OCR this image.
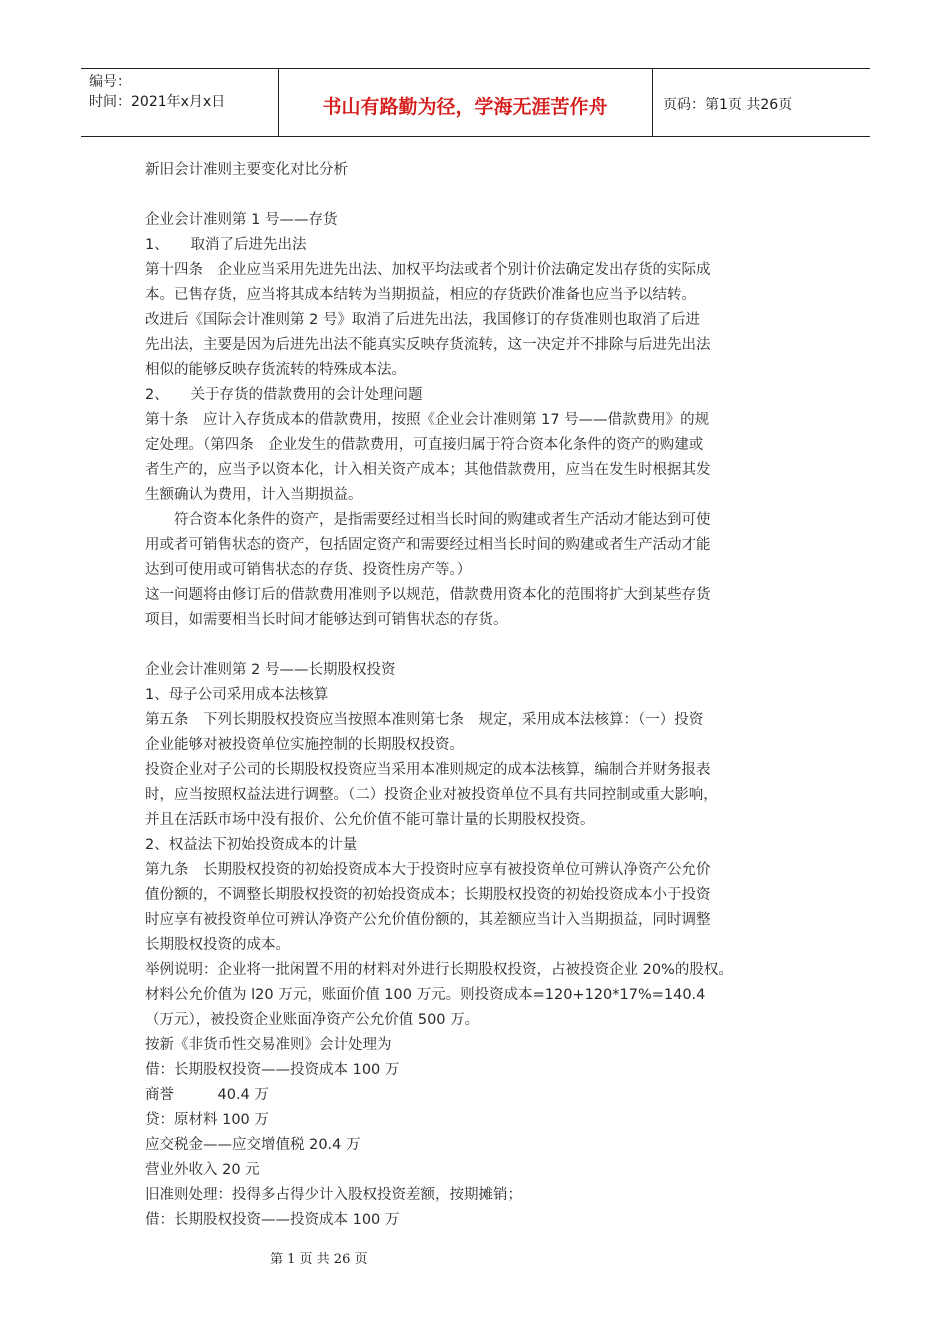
编号：
时间：2021年x月x日	书山有路勤为径，学海无涯苦作舟	页码：第1页 共26页

新旧会计准则主要变化对比分析

企业会计准则第 1 号——存货

1、　　取消了后进先出法

第十四条　企业应当采用先进先出法、加权平均法或者个别计价法确定发出存货的实际成

本。已售存货，应当将其成本结转为当期损益，相应的存货跌价准备也应当予以结转。

改进后《国际会计准则第 2 号》取消了后进先出法，我国修订的存货准则也取消了后进

先出法，主要是因为后进先出法不能真实反映存货流转，这一决定并不排除与后进先出法

相似的能够反映存货流转的特殊成本法。

2、　　关于存货的借款费用的会计处理问题

第十条　应计入存货成本的借款费用，按照《企业会计准则第 17 号——借款费用》的规

定处理。（第四条　企业发生的借款费用，可直接归属于符合资本化条件的资产的购建或

者生产的，应当予以资本化，计入相关资产成本；其他借款费用，应当在发生时根据其发

生额确认为费用，计入当期损益。

　　符合资本化条件的资产，是指需要经过相当长时间的购建或者生产活动才能达到可使

用或者可销售状态的资产，包括固定资产和需要经过相当长时间的购建或者生产活动才能

达到可使用或可销售状态的存货、投资性房产等。）

这一问题将由修订后的借款费用准则予以规范，借款费用资本化的范围将扩大到某些存货

项目，如需要相当长时间才能够达到可销售状态的存货。

企业会计准则第 2 号——长期股权投资

1、母子公司采用成本法核算

第五条　下列长期股权投资应当按照本准则第七条　规定，采用成本法核算：（一）投资

企业能够对被投资单位实施控制的长期股权投资。

投资企业对子公司的长期股权投资应当采用本准则规定的成本法核算，编制合并财务报表

时，应当按照权益法进行调整。（二）投资企业对被投资单位不具有共同控制或重大影响，

并且在活跃市场中没有报价、公允价值不能可靠计量的长期股权投资。

2、权益法下初始投资成本的计量

第九条　长期股权投资的初始投资成本大于投资时应享有被投资单位可辨认净资产公允价

值份额的，不调整长期股权投资的初始投资成本；长期股权投资的初始投资成本小于投资

时应享有被投资单位可辨认净资产公允价值份额的，其差额应当计入当期损益，同时调整

长期股权投资的成本。

举例说明：企业将一批闲置不用的材料对外进行长期股权投资，占被投资企业 20%的股权。

材料公允价值为 l20 万元，账面价值 100 万元。则投资成本=120+120*17%=140.4

（万元），被投资企业账面净资产公允价值 500 万。

按新《非货币性交易准则》会计处理为

借：长期股权投资——投资成本 100 万

商誉　　　40.4 万

贷：原材料 100 万

应交税金——应交增值税 20.4 万

营业外收入 20 元

旧准则处理：投得多占得少计入股权投资差额，按期摊销；

借：长期股权投资——投资成本 100 万

第 1 页 共 26 页
